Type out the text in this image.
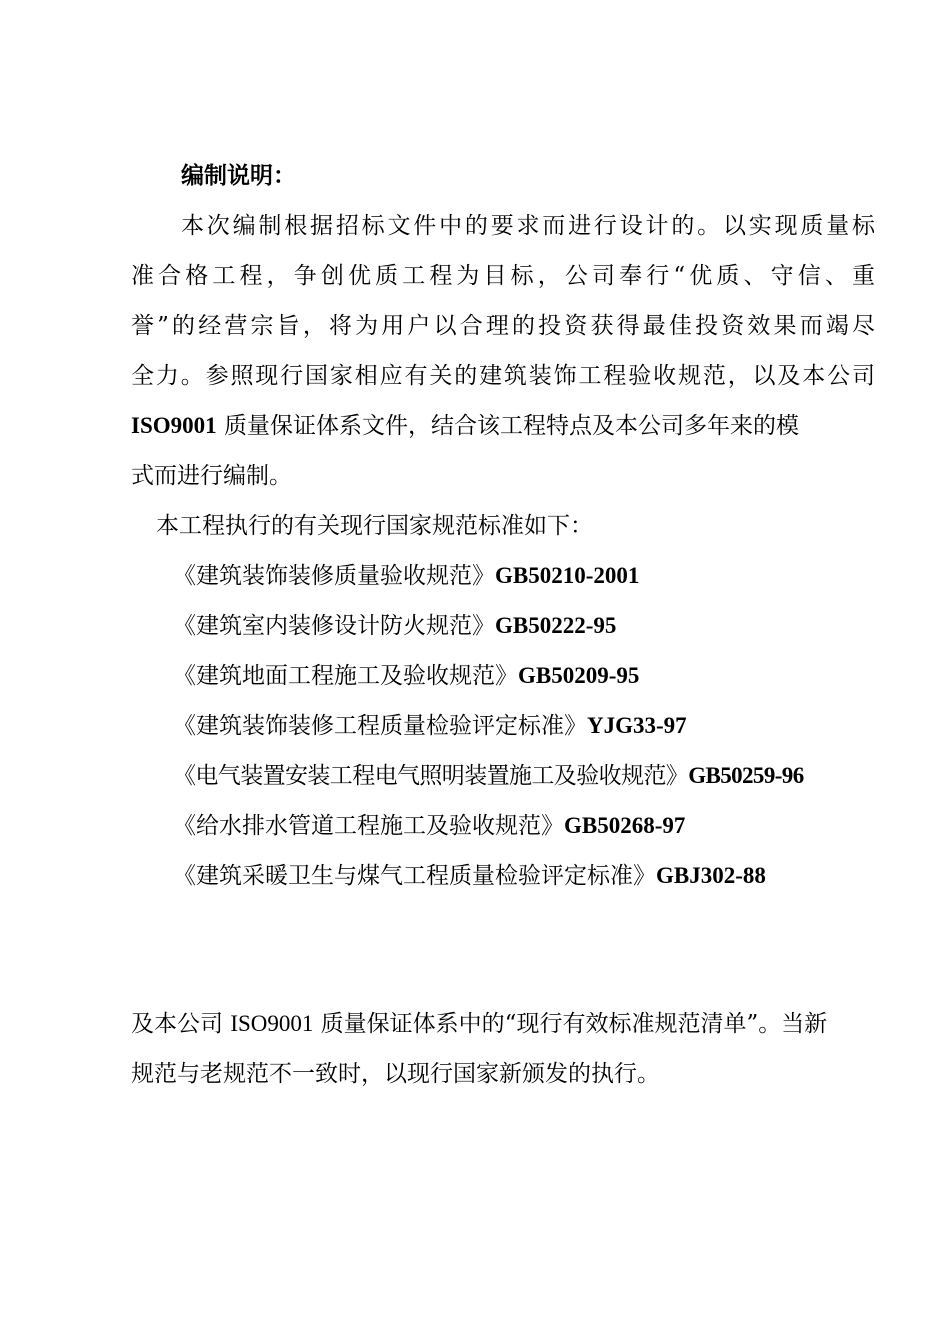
编制说明：
本次编制根据招标文件中的要求而进行设计的。以实现质量标
准合格工程，争创优质工程为目标，公司奉行“优质、守信、重
誉”的经营宗旨，将为用户以合理的投资获得最佳投资效果而竭尽
全力。参照现行国家相应有关的建筑装饰工程验收规范，以及本公司
ISO9001 质量保证体系文件，结合该工程特点及本公司多年来的模
式而进行编制。
本工程执行的有关现行国家规范标准如下：
《建筑装饰装修质量验收规范》GB50210-2001
《建筑室内装修设计防火规范》GB50222-95
《建筑地面工程施工及验收规范》GB50209-95
《建筑装饰装修工程质量检验评定标准》YJG33-97
《电气装置安装工程电气照明装置施工及验收规范》GB50259-96
《给水排水管道工程施工及验收规范》GB50268-97
《建筑采暖卫生与煤气工程质量检验评定标准》GBJ302-88
及本公司 ISO9001 质量保证体系中的“现行有效标准规范清单”。当新
规范与老规范不一致时，以现行国家新颁发的执行。
